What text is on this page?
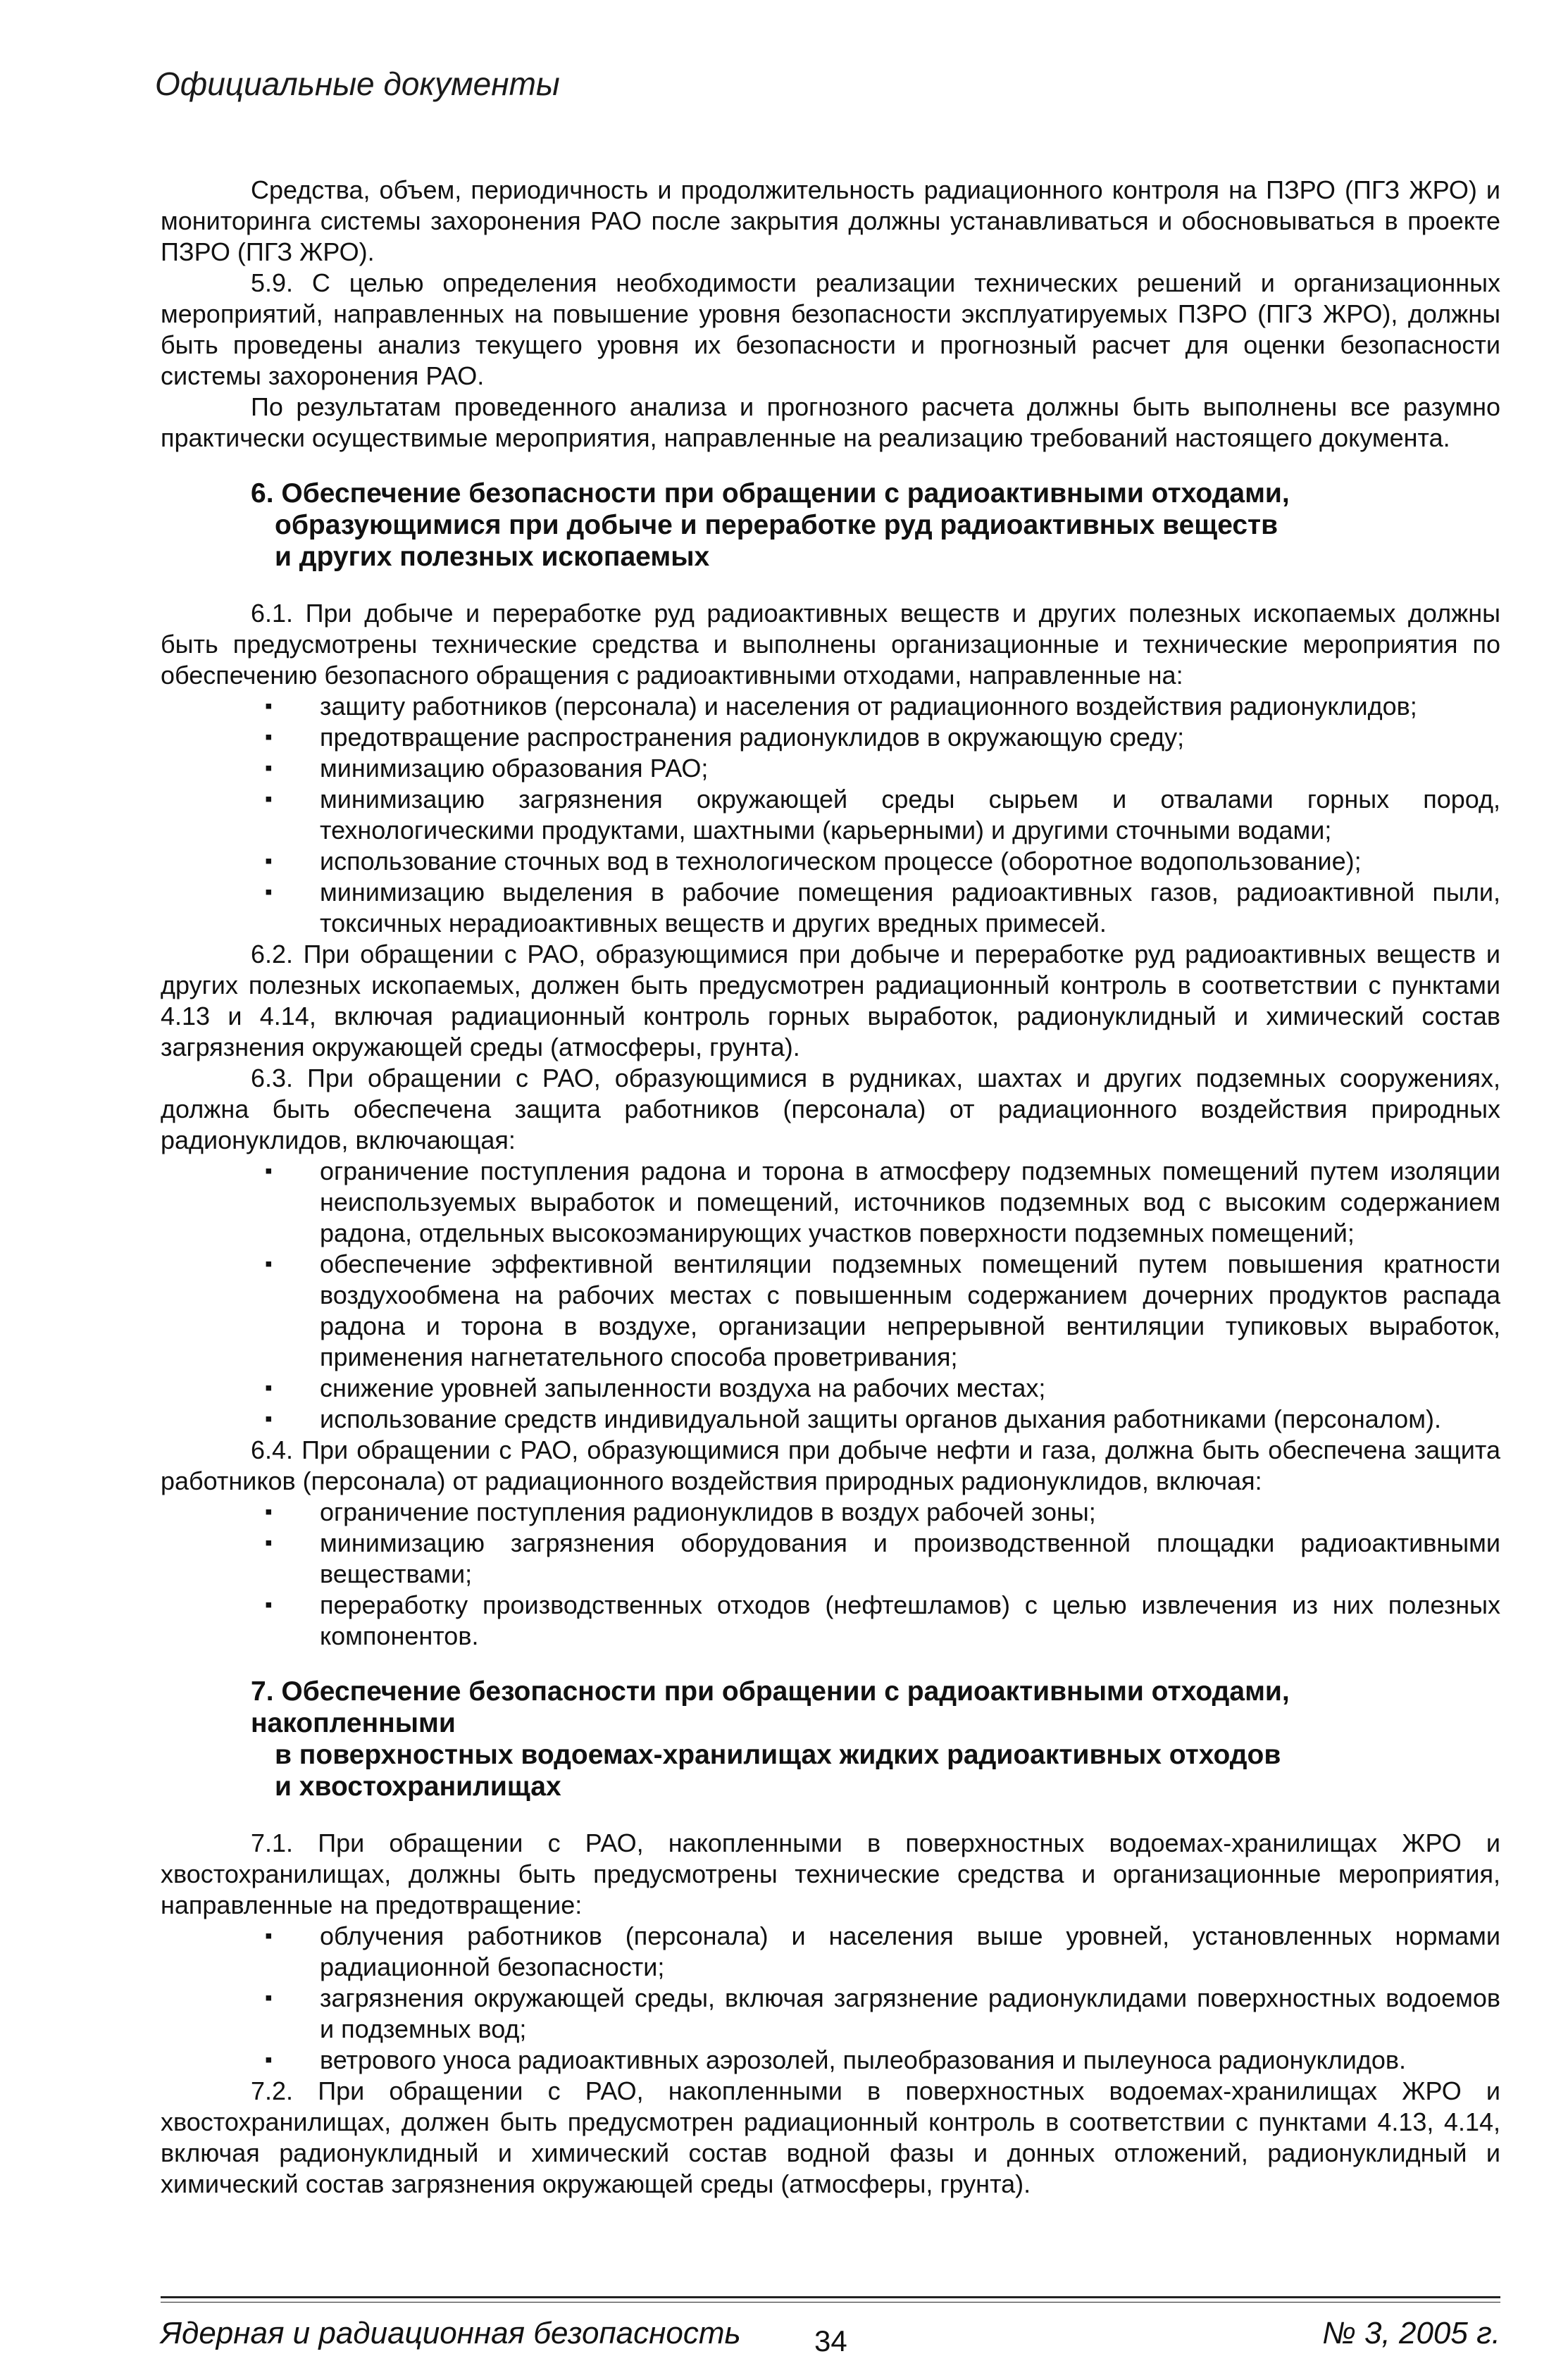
Официальные документы

Средства, объем, периодичность и продолжительность радиационного контроля на ПЗРО (ПГЗ ЖРО) и мониторинга системы захоронения РАО после закрытия должны устанавливаться и обосновываться в проекте ПЗРО (ПГЗ ЖРО).

5.9. С целью определения необходимости реализации технических решений и организационных мероприятий, направленных на повышение уровня безопасности эксплуатируемых ПЗРО (ПГЗ ЖРО), должны быть проведены анализ текущего уровня их безопасности и прогнозный расчет для оценки безопасности системы захоронения РАО.

По результатам проведенного анализа и прогнозного расчета должны быть выполнены все разумно практически осуществимые мероприятия, направленные на реализацию требований настоящего документа.

6. Обеспечение безопасности при обращении с радиоактивными отходами,
образующимися при добыче и переработке руд радиоактивных веществ
и других полезных ископаемых

6.1. При добыче и переработке руд радиоактивных веществ и других полезных ископаемых должны быть предусмотрены технические средства и выполнены организационные и технические мероприятия по обеспечению безопасного обращения с радиоактивными отходами, направленные на:

▪ защиту работников (персонала) и населения от радиационного воздействия радионуклидов;
▪ предотвращение распространения радионуклидов в окружающую среду;
▪ минимизацию образования РАО;
▪ минимизацию загрязнения окружающей среды сырьем и отвалами горных пород, технологическими продуктами, шахтными (карьерными) и другими сточными водами;
▪ использование сточных вод в технологическом процессе (оборотное водопользование);
▪ минимизацию выделения в рабочие помещения радиоактивных газов, радиоактивной пыли, токсичных нерадиоактивных веществ и других вредных примесей.

6.2. При обращении с РАО, образующимися при добыче и переработке руд радиоактивных веществ и других полезных ископаемых, должен быть предусмотрен радиационный контроль в соответствии с пунктами 4.13 и 4.14, включая радиационный контроль горных выработок, радионуклидный и химический состав загрязнения окружающей среды (атмосферы, грунта).

6.3. При обращении с РАО, образующимися в рудниках, шахтах и других подземных сооружениях, должна быть обеспечена защита работников (персонала) от радиационного воздействия природных радионуклидов, включающая:

▪ ограничение поступления радона и торона в атмосферу подземных помещений путем изоляции неиспользуемых выработок и помещений, источников подземных вод с высоким содержанием радона, отдельных высокоэманирующих участков поверхности подземных помещений;
▪ обеспечение эффективной вентиляции подземных помещений путем повышения кратности воздухообмена на рабочих местах с повышенным содержанием дочерних продуктов распада радона и торона в воздухе, организации непрерывной вентиляции тупиковых выработок, применения нагнетательного способа проветривания;
▪ снижение уровней запыленности воздуха на рабочих местах;
▪ использование средств индивидуальной защиты органов дыхания работниками (персоналом).

6.4. При обращении с РАО, образующимися при добыче нефти и газа, должна быть обеспечена защита работников (персонала) от радиационного воздействия природных радионуклидов, включая:

▪ ограничение поступления радионуклидов в воздух рабочей зоны;
▪ минимизацию загрязнения оборудования и производственной площадки радиоактивными веществами;
▪ переработку производственных отходов (нефтешламов) с целью извлечения из них полезных компонентов.
7. Обеспечение безопасности при обращении с радиоактивными отходами, накопленными
в поверхностных водоемах-хранилищах жидких радиоактивных отходов
и хвостохранилищах

7.1. При обращении с РАО, накопленными в поверхностных водоемах-хранилищах ЖРО и хвостохранилищах, должны быть предусмотрены технические средства и организационные мероприятия, направленные на предотвращение:

▪ облучения работников (персонала) и населения выше уровней, установленных нормами радиационной безопасности;
▪ загрязнения окружающей среды, включая загрязнение радионуклидами поверхностных водоемов и подземных вод;
▪ ветрового уноса радиоактивных аэрозолей, пылеобразования и пылеуноса радионуклидов.

7.2. При обращении с РАО, накопленными в поверхностных водоемах-хранилищах ЖРО и хвостохранилищах, должен быть предусмотрен радиационный контроль в соответствии с пунктами 4.13, 4.14, включая радионуклидный и химический состав водной фазы и донных отложений, радионуклидный и химический состав загрязнения окружающей среды (атмосферы, грунта).

Ядерная и радиационная безопасность 34	№ 3, 2005 г.
